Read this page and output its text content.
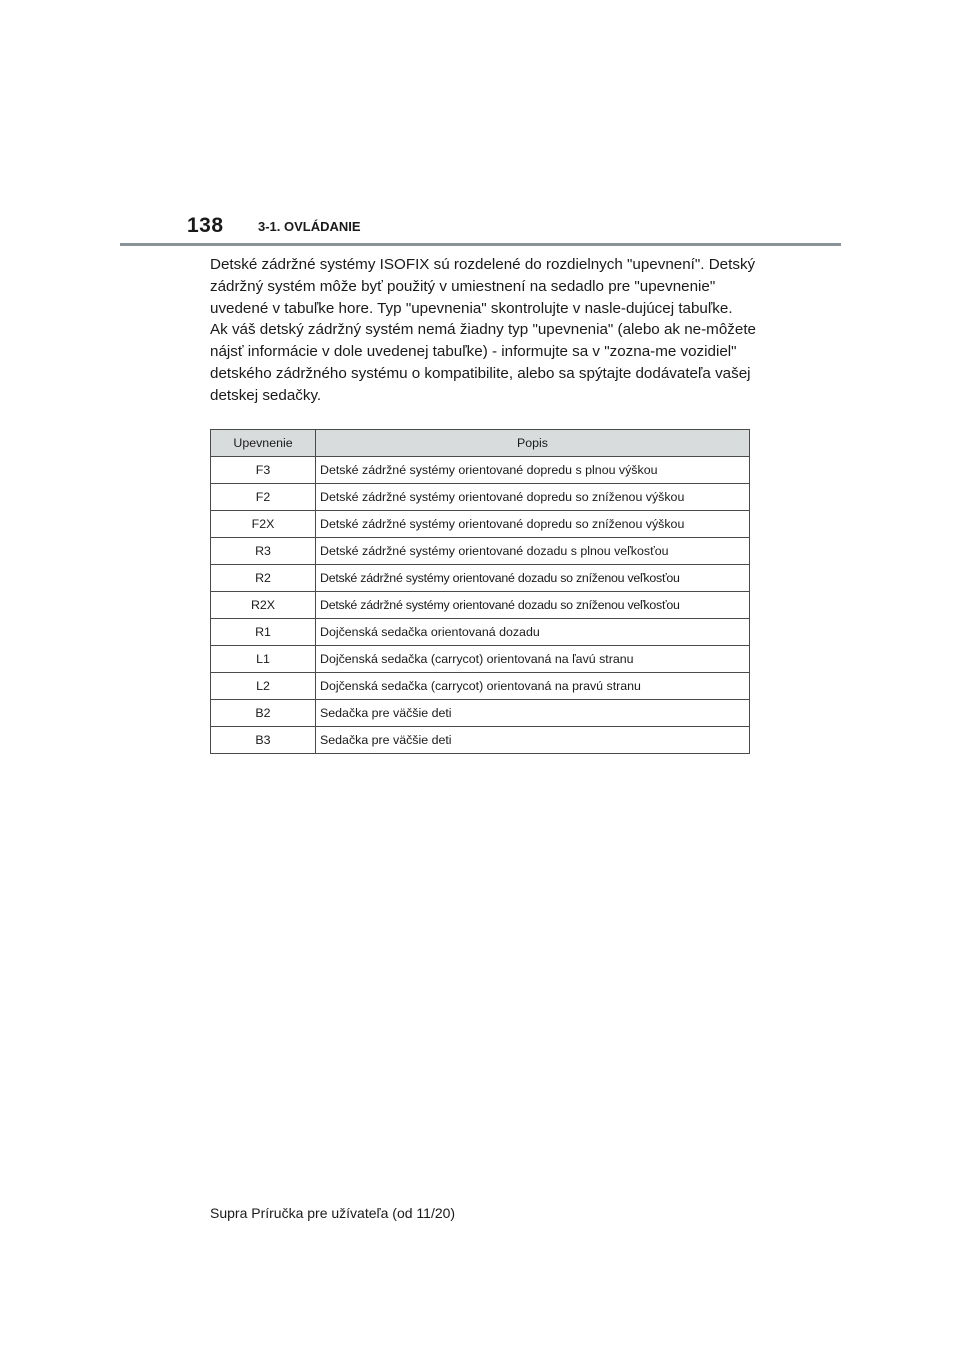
138	3-1. OVLÁDANIE

Detské zádržné systémy ISOFIX sú rozdelené do rozdielnych "upevnení". Detský zádržný systém môže byť použitý v umiestnení na sedadlo pre "upevnenie" uvedené v tabuľke hore. Typ "upevnenia" skontrolujte v nasle-dujúcej tabuľke.

Ak váš detský zádržný systém nemá žiadny typ "upevnenia" (alebo ak ne-môžete nájsť informácie v dole uvedenej tabuľke) - informujte sa v "zozna-me vozidiel" detského zádržného systému o kompatibilite, alebo sa spýtajte dodávateľa vašej detskej sedačky.

Upevnenie	Popis
F3	Detské zádržné systémy orientované dopredu s plnou výškou
F2	Detské zádržné systémy orientované dopredu so zníženou výškou
F2X	Detské zádržné systémy orientované dopredu so zníženou výškou
R3	Detské zádržné systémy orientované dozadu s plnou veľkosťou
R2	Detské zádržné systémy orientované dozadu so zníženou veľkosťou
R2X	Detské zádržné systémy orientované dozadu so zníženou veľkosťou
R1	Dojčenská sedačka orientovaná dozadu
L1	Dojčenská sedačka (carrycot) orientovaná na ľavú stranu
L2	Dojčenská sedačka (carrycot) orientovaná na pravú stranu
B2	Sedačka pre väčšie deti
B3	Sedačka pre väčšie deti
Supra Príručka pre užívateľa (od 11/20)
